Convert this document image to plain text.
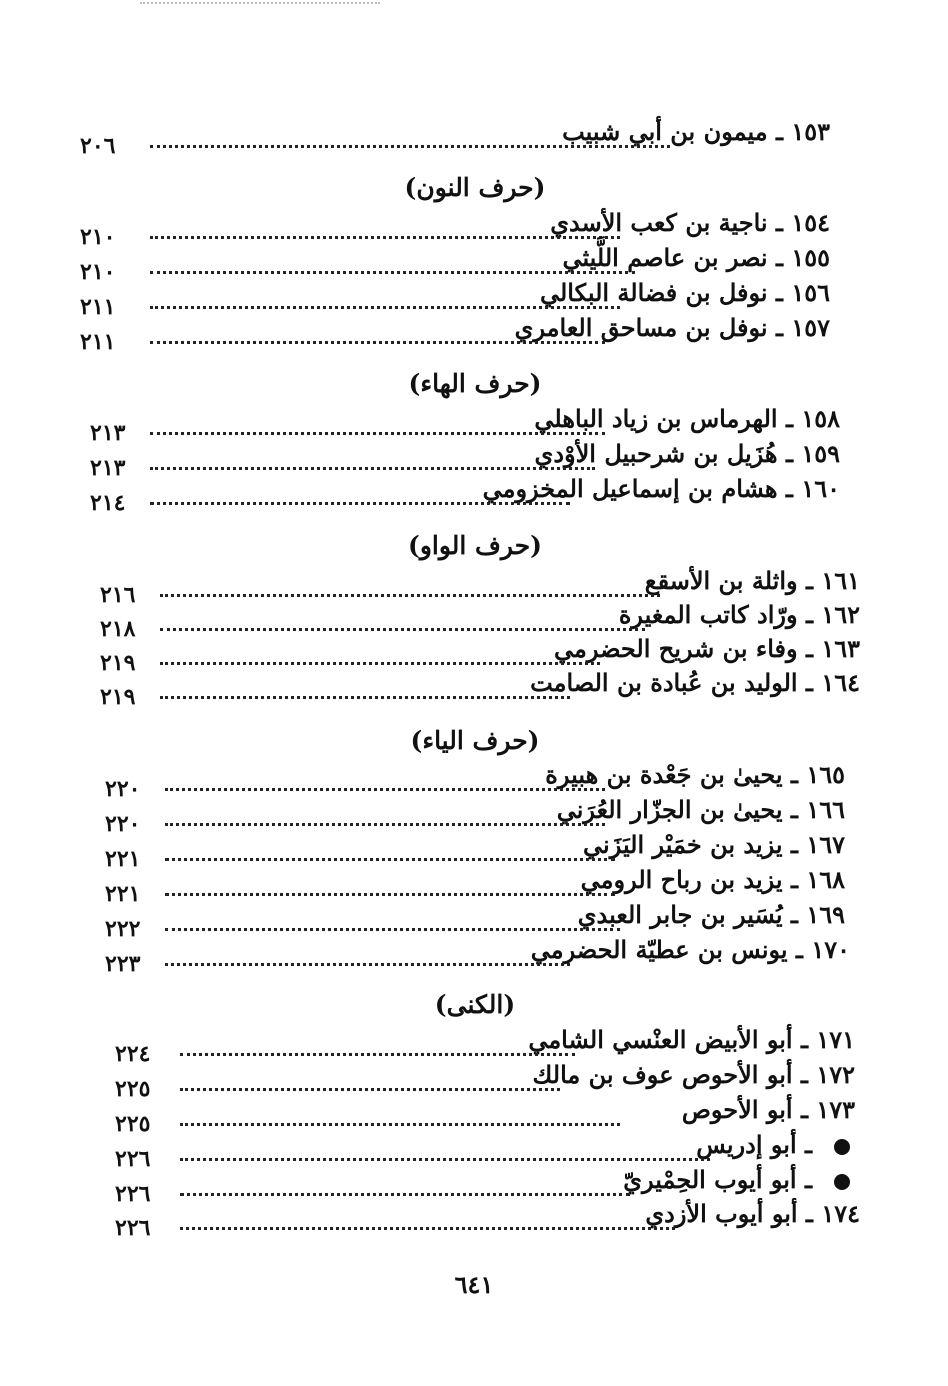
١٥٣ ـ ميمون بن أبي شبيب
٢٠٦
(حرف النون)
١٥٤ ـ ناجية بن كعب الأسدي
٢١٠
١٥٥ ـ نصر بن عاصم اللَّيثي
٢١٠
١٥٦ ـ نوفل بن فضالة البكالي
٢١١
١٥٧ ـ نوفل بن مساحق العامري
٢١١
(حرف الهاء)
١٥٨ ـ الهرماس بن زياد الباهلي
٢١٣
١٥٩ ـ هُزَيل بن شرحبيل الأوْدي
٢١٣
١٦٠ ـ هشام بن إسماعيل المخزومي
٢١٤
(حرف الواو)
١٦١ ـ واثلة بن الأسقع
٢١٦
١٦٢ ـ ورّاد كاتب المغيرة
٢١٨
١٦٣ ـ وفاء بن شريح الحضرمي
٢١٩
١٦٤ ـ الوليد بن عُبادة بن الصامت
٢١٩
(حرف الياء)
١٦٥ ـ يحيىٰ بن جَعْدة بن هبيرة
٢٢٠
١٦٦ ـ يحيىٰ بن الجزّار العُرَني
٢٢٠
١٦٧ ـ يزيد بن خمَيْر اليَزَني
٢٢١
١٦٨ ـ يزيد بن رباح الرومي
٢٢١
١٦٩ ـ يُسَير بن جابر العبدي
٢٢٢
١٧٠ ـ يونس بن عطيّة الحضرمي
٢٢٣
(الكنى)
١٧١ ـ أبو الأبيض العنْسي الشامي
٢٢٤
١٧٢ ـ أبو الأحوص عوف بن مالك
٢٢٥
١٧٣ ـ أبو الأحوص
٢٢٥
ـ أبو إدريس
٢٢٦
ـ أبو أيوب الحِمْيريّ
٢٢٦
١٧٤ ـ أبو أيوب الأزدي
٢٢٦
٦٤١
